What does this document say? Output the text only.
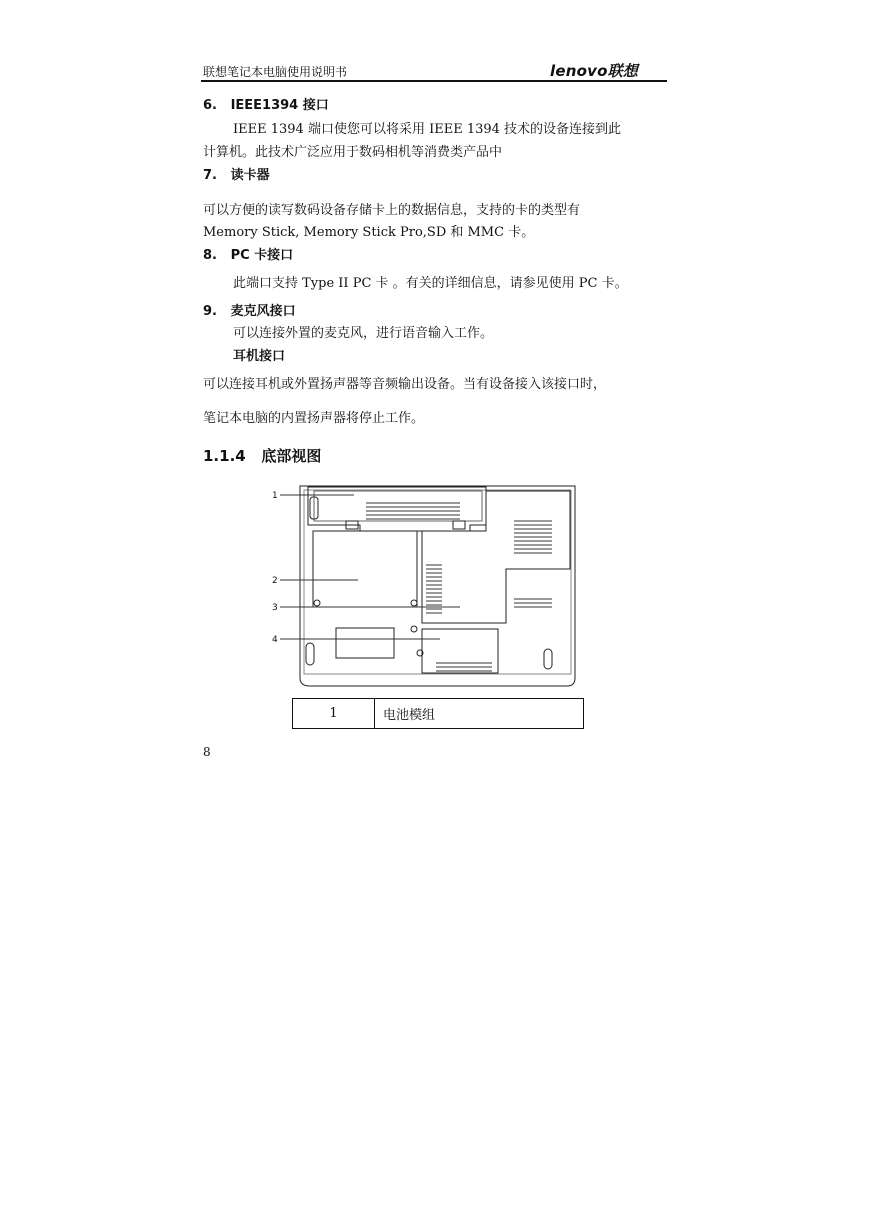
联想笔记本电脑使用说明书	lenovo联想
6. IEEE1394 接口
IEEE 1394 端口使您可以将采用 IEEE 1394 技术的设备连接到此
计算机。此技术广泛应用于数码相机等消费类产品中
7. 读卡器
可以方便的读写数码设备存储卡上的数据信息，支持的卡的类型有
Memory Stick, Memory Stick Pro,SD 和 MMC 卡。
8. PC 卡接口
此端口支持 Type II PC 卡 。有关的详细信息，请参见使用 PC 卡。
9. 麦克风接口
可以连接外置的麦克风，进行语音输入工作。
耳机接口
可以连接耳机或外置扬声器等音频输出设备。当有设备接入该接口时，
笔记本电脑的内置扬声器将停止工作。
1.1.4 底部视图
1
2
3
4
1	电池模组
8
